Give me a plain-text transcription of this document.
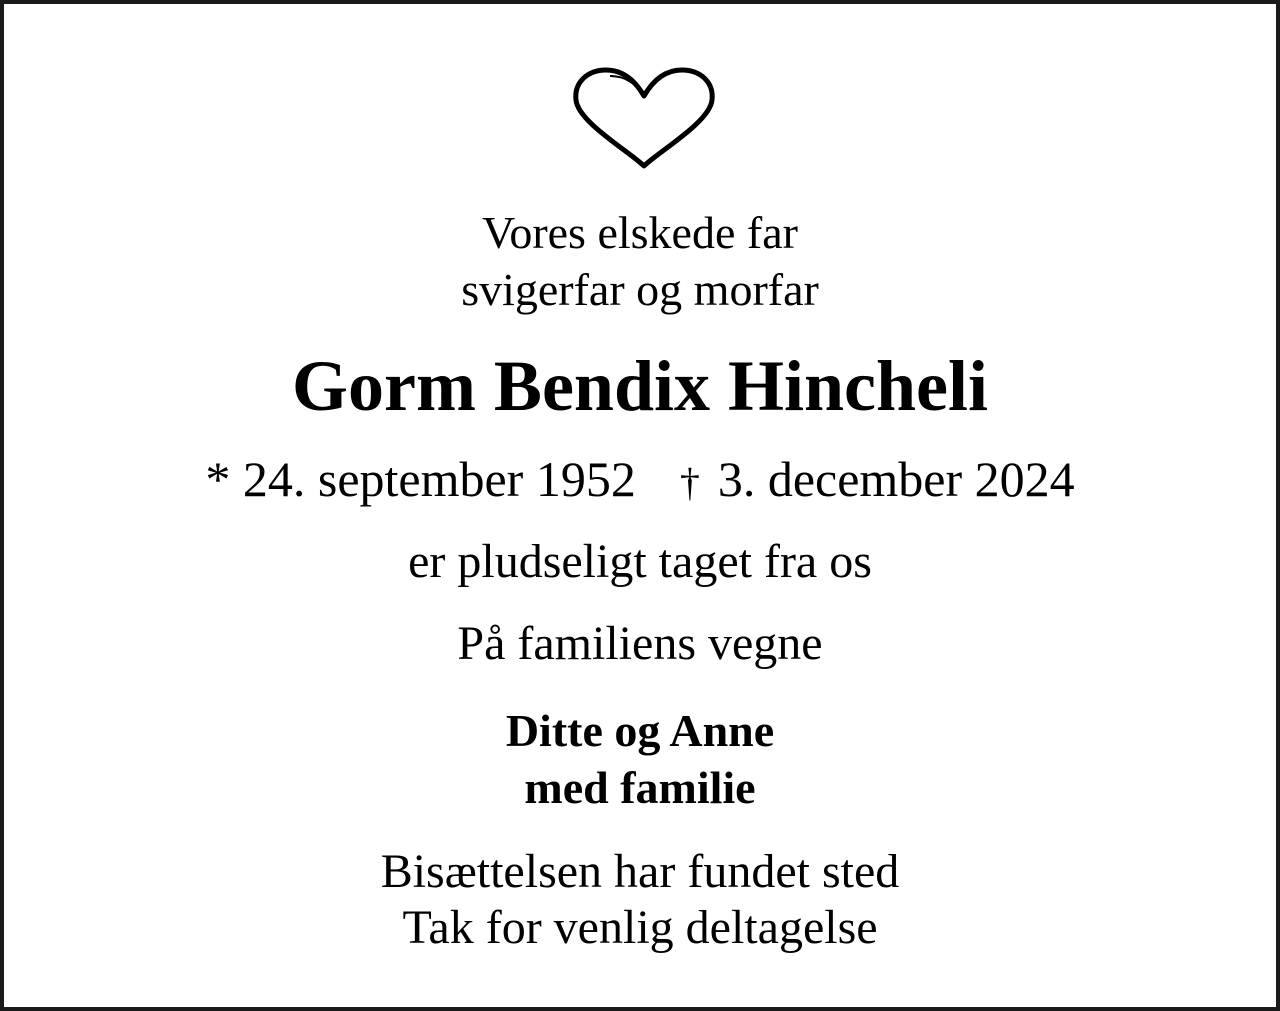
Vores elskede far
svigerfar og morfar
Gorm Bendix Hincheli
* 24. september 1952 † 3. december 2024
er pludseligt taget fra os
På familiens vegne
Ditte og Anne
med familie
Bisættelsen har fundet sted
Tak for venlig deltagelse
